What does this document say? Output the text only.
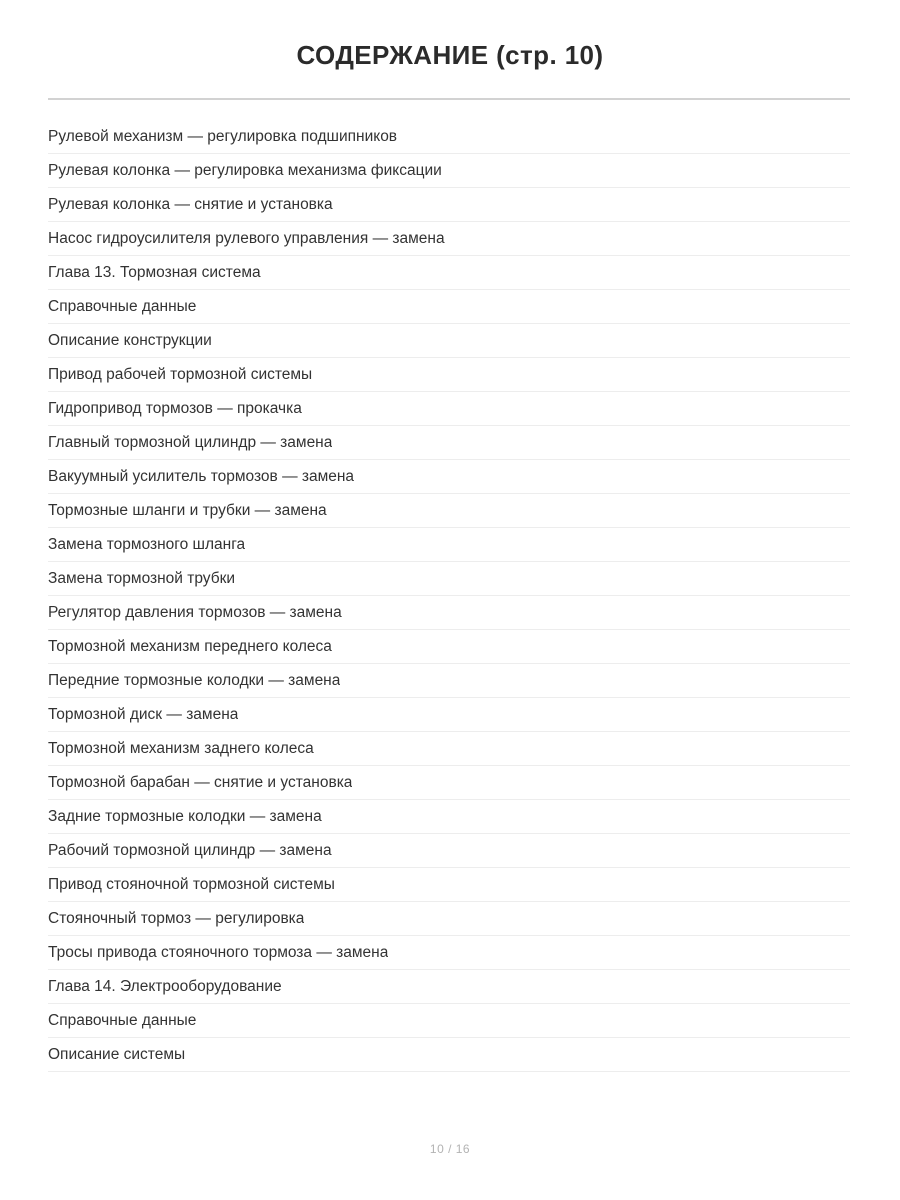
СОДЕРЖАНИЕ (стр. 10)
Рулевой механизм — регулировка подшипников
Рулевая колонка — регулировка механизма фиксации
Рулевая колонка — снятие и установка
Насос гидроусилителя рулевого управления — замена
Глава 13. Тормозная система
Справочные данные
Описание конструкции
Привод рабочей тормозной системы
Гидропривод тормозов — прокачка
Главный тормозной цилиндр — замена
Вакуумный усилитель тормозов — замена
Тормозные шланги и трубки — замена
Замена тормозного шланга
Замена тормозной трубки
Регулятор давления тормозов — замена
Тормозной механизм переднего колеса
Передние тормозные колодки — замена
Тормозной диск — замена
Тормозной механизм заднего колеса
Тормозной барабан — снятие и установка
Задние тормозные колодки — замена
Рабочий тормозной цилиндр — замена
Привод стояночной тормозной системы
Стояночный тормоз — регулировка
Тросы привода стояночного тормоза — замена
Глава 14. Электрооборудование
Справочные данные
Описание системы
10 / 16
